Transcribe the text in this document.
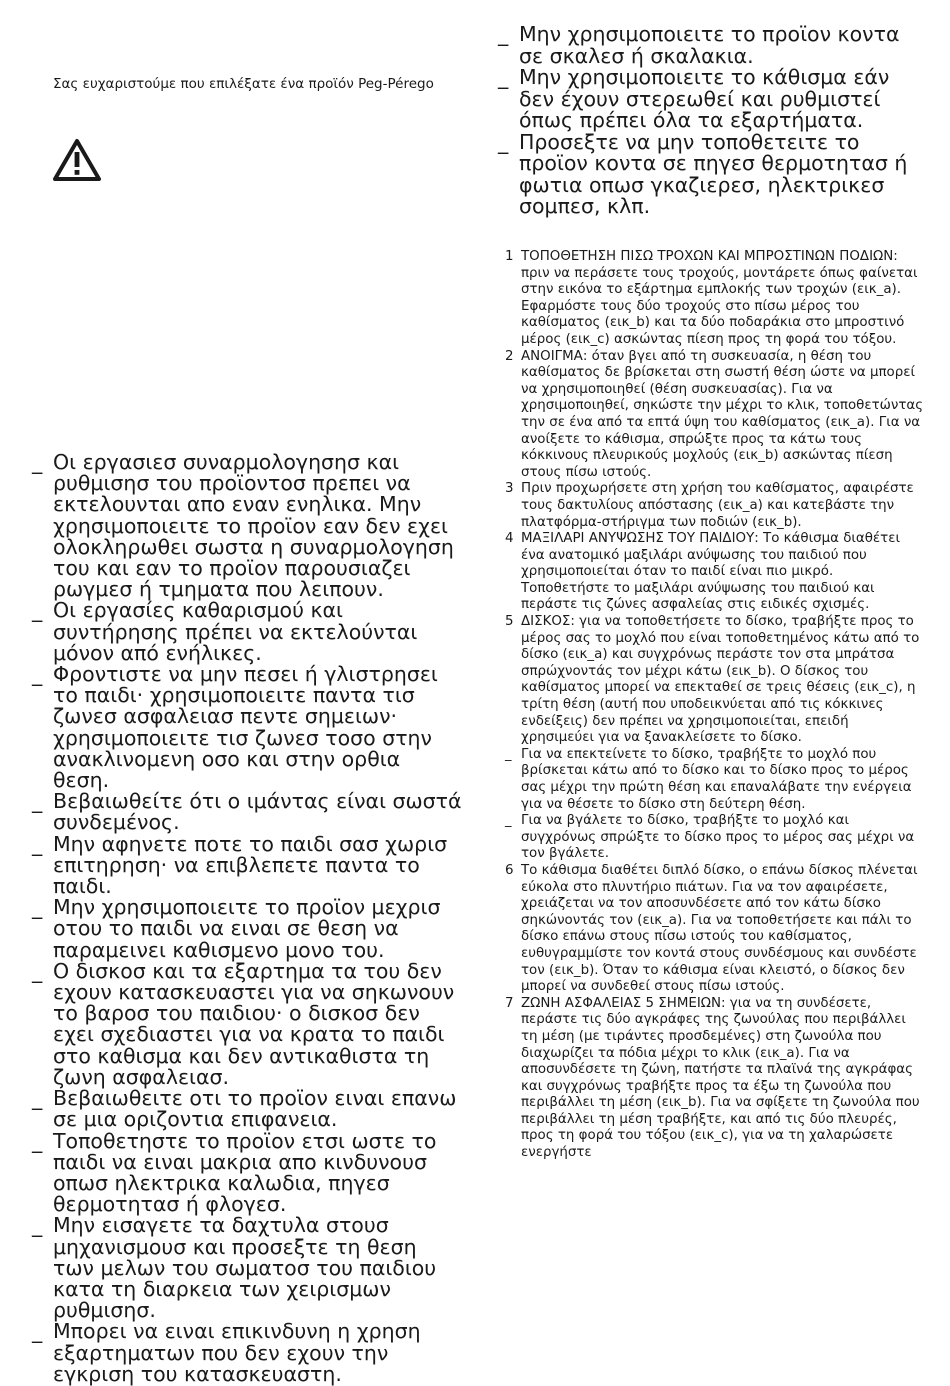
Σας ευχαριστούμε που επιλέξατε ένα προϊόν Peg-Pérego
_ Οι εργασιεσ συναρμολογησησ και ρυθμισησ του προϊοντοσ πρεπει να εκτελουνται απο εναν ενηλικα. Μην χρησιμοποιειτε το προϊον εαν δεν εχει ολοκληρωθει σωστα η συναρμολογηση του και εαν το προϊον παρουσιαζει ρωγμεσ ή τμηματα που λειπουν.
_ Οι εργασίες καθαρισμού και συντήρησης πρέπει να εκτελούνται μόνον από ενήλικες.
_ Φροντιστε να μην πεσει ή γλιστρησει το παιδι· χρησιμοποιειτε παντα τισ ζωνεσ ασφαλειασ πεντε σημειων· χρησιμοποιειτε τισ ζωνεσ τοσο στην ανακλινομενη οσο και στην ορθια θεση.
_ Βεβαιωθείτε ότι ο ιμάντας είναι σωστά συνδεμένος.
_ Μην αφηνετε ποτε το παιδι σασ χωρισ επιτηρηση· να επιβλεπετε παντα το παιδι.
_ Μην χρησιμοποιειτε το προϊον μεχρισ οτου το παιδι να ειναι σε θεση να παραμεινει καθισμενο μονο του.
_ Ο δισκοσ και τα εξαρτημα τα του δεν εχουν κατασκευαστει για να σηκωνουν το βαροσ του παιδιου· ο δισκοσ δεν εχει σχεδιαστει για να κρατα το παιδι στο καθισμα και δεν αντικαθιστα τη ζωνη ασφαλειασ.
_ Βεβαιωθειτε οτι το προϊον ειναι επανω σε μια οριζοντια επιφανεια.
_ Τοποθετηστε το προϊον ετσι ωστε το παιδι να ειναι μακρια απο κινδυνουσ οπωσ ηλεκτρικα καλωδια, πηγεσ θερμοτητασ ή φλογεσ.
_ Μην εισαγετε τα δαχτυλα στουσ μηχανισμουσ και προσεξτε τη θεση των μελων του σωματοσ του παιδιου κατα τη διαρκεια των χειρισμων ρυθμισησ.
_ Μπορει να ειναι επικινδυνη η χρηση εξαρτηματων που δεν εχουν την εγκριση του κατασκευαστη.
_ Μην χρησιμοποιειτε το προϊον κοντα σε σκαλεσ ή σκαλακια.
_ Μην χρησιμοποιειτε το κάθισμα εάν δεν έχουν στερεωθεί και ρυθμιστεί όπως πρέπει όλα τα εξαρτήματα.
_ Προσεξτε να μην τοποθετειτε το προϊον κοντα σε πηγεσ θερμοτητασ ή φωτια οπωσ γκαζιερεσ, ηλεκτρικεσ σομπεσ, κλπ.
1 ΤΟΠΟΘΕΤΗΣΗ ΠΙΣΩ ΤΡΟΧΩΝ ΚΑΙ ΜΠΡΟΣΤΙΝΩΝ ΠΟΔΙΩΝ: πριν να περάσετε τους τροχούς, μοντάρετε όπως φαίνεται στην εικόνα το εξάρτημα εμπλοκής των τροχών (εικ_a). Εφαρμόστε τους δύο τροχούς στο πίσω μέρος του καθίσματος (εικ_b) και τα δύο ποδαράκια στο μπροστινό μέρος (εικ_c) ασκώντας πίεση προς τη φορά του τόξου.
2 ΑΝΟΙΓΜΑ: όταν βγει από τη συσκευασία, η θέση του καθίσματος δε βρίσκεται στη σωστή θέση ώστε να μπορεί να χρησιμοποιηθεί (θέση συσκευασίας). Για να χρησιμοποιηθεί, σηκώστε την μέχρι το κλικ, τοποθετώντας την σε ένα από τα επτά ύψη του καθίσματος (εικ_a). Για να ανοίξετε το κάθισμα, σπρώξτε προς τα κάτω τους κόκκινους πλευρικούς μοχλούς (εικ_b) ασκώντας πίεση στους πίσω ιστούς.
3 Πριν προχωρήσετε στη χρήση του καθίσματος, αφαιρέστε τους δακτυλίους απόστασης (εικ_a) και κατεβάστε την πλατφόρμα-στήριγμα των ποδιών (εικ_b).
4 ΜΑΞΙΛΑΡΙ ΑΝΥΨΩΣΗΣ ΤΟΥ ΠΑΙΔΙΟΥ: Το κάθισμα διαθέτει ένα ανατομικό μαξιλάρι ανύψωσης του παιδιού που χρησιμοποιείται όταν το παιδί είναι πιο μικρό. Τοποθετήστε το μαξιλάρι ανύψωσης του παιδιού και περάστε τις ζώνες ασφαλείας στις ειδικές σχισμές.
5 ΔΙΣΚΟΣ: για να τοποθετήσετε το δίσκο, τραβήξτε προς το μέρος σας το μοχλό που είναι τοποθετημένος κάτω από το δίσκο (εικ_a) και συγχρόνως περάστε τον στα μπράτσα σπρώχνοντάς τον μέχρι κάτω (εικ_b). Ο δίσκος του καθίσματος μπορεί να επεκταθεί σε τρεις θέσεις (εικ_c), η τρίτη θέση (αυτή που υποδεικνύεται από τις κόκκινες ενδείξεις) δεν πρέπει να χρησιμοποιείται, επειδή χρησιμεύει για να ξανακλείσετε το δίσκο.
_ Για να επεκτείνετε το δίσκο, τραβήξτε το μοχλό που βρίσκεται κάτω από το δίσκο και το δίσκο προς το μέρος σας μέχρι την πρώτη θέση και επαναλάβατε την ενέργεια για να θέσετε το δίσκο στη δεύτερη θέση.
_ Για να βγάλετε το δίσκο, τραβήξτε το μοχλό και συγχρόνως σπρώξτε το δίσκο προς το μέρος σας μέχρι να τον βγάλετε.
6 Το κάθισμα διαθέτει διπλό δίσκο, ο επάνω δίσκος πλένεται εύκολα στο πλυντήριο πιάτων. Για να τον αφαιρέσετε, χρειάζεται να τον αποσυνδέσετε από τον κάτω δίσκο σηκώνοντάς τον (εικ_a). Για να τοποθετήσετε και πάλι το δίσκο επάνω στους πίσω ιστούς του καθίσματος, ευθυγραμμίστε τον κοντά στους συνδέσμους και συνδέστε τον (εικ_b). Όταν το κάθισμα είναι κλειστό, ο δίσκος δεν μπορεί να συνδεθεί στους πίσω ιστούς.
7 ΖΩΝΗ ΑΣΦΑΛΕΙΑΣ 5 ΣΗΜΕΙΩΝ: για να τη συνδέσετε, περάστε τις δύο αγκράφες της ζωνούλας που περιβάλλει τη μέση (με τιράντες προσδεμένες) στη ζωνούλα που διαχωρίζει τα πόδια μέχρι το κλικ (εικ_a). Για να αποσυνδέσετε τη ζώνη, πατήστε τα πλαϊνά της αγκράφας και συγχρόνως τραβήξτε προς τα έξω τη ζωνούλα που περιβάλλει τη μέση (εικ_b). Για να σφίξετε τη ζωνούλα που περιβάλλει τη μέση τραβήξτε, και από τις δύο πλευρές, προς τη φορά του τόξου (εικ_c), για να τη χαλαρώσετε ενεργήστε
